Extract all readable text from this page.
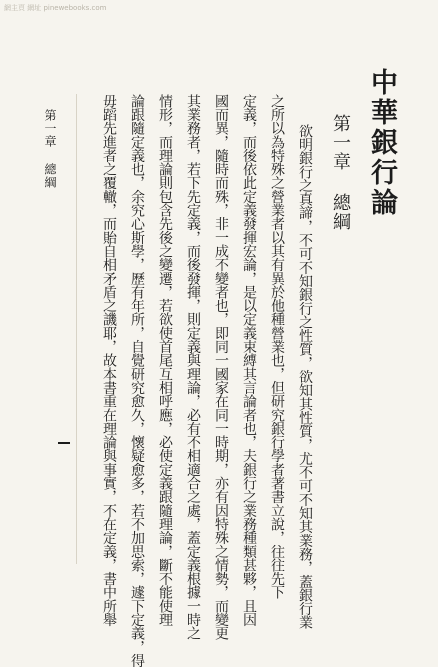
網主頁 網址 pinewebooks.com
中華銀行論
第一章總綱
欲明銀行之真諦，不可不知銀行之性質，欲知其性質，尤不可不知其業務，蓋銀行業
之所以為特殊之營業者以其有異於他種營業也，但研究銀行學者著書立說，往往先下
定義，而後依此定義發揮宏論，是以定義束縛其言論者也，夫銀行之業務種類甚夥，且因
國而異，隨時而殊，非一成不變者也，即同一國家在同一時期，亦有因特殊之情勢，而變更
其業務者，若下先定義，而後發揮，則定義與理論，必有不相適合之處，蓋定義根據一時之
情形，而理論則包含先後之變遷，若欲使首尾互相呼應，必使定義跟隨理論，斷不能使理
論跟隨定義也，余究心斯學，歷有年所，自覺研究愈久，懷疑愈多，若不加思索，遽下定義，得
毋蹈先進者之覆轍，而貽自相矛盾之譏耶，故本書重在理論與事實，不在定義，書中所舉
第一章 總綱
